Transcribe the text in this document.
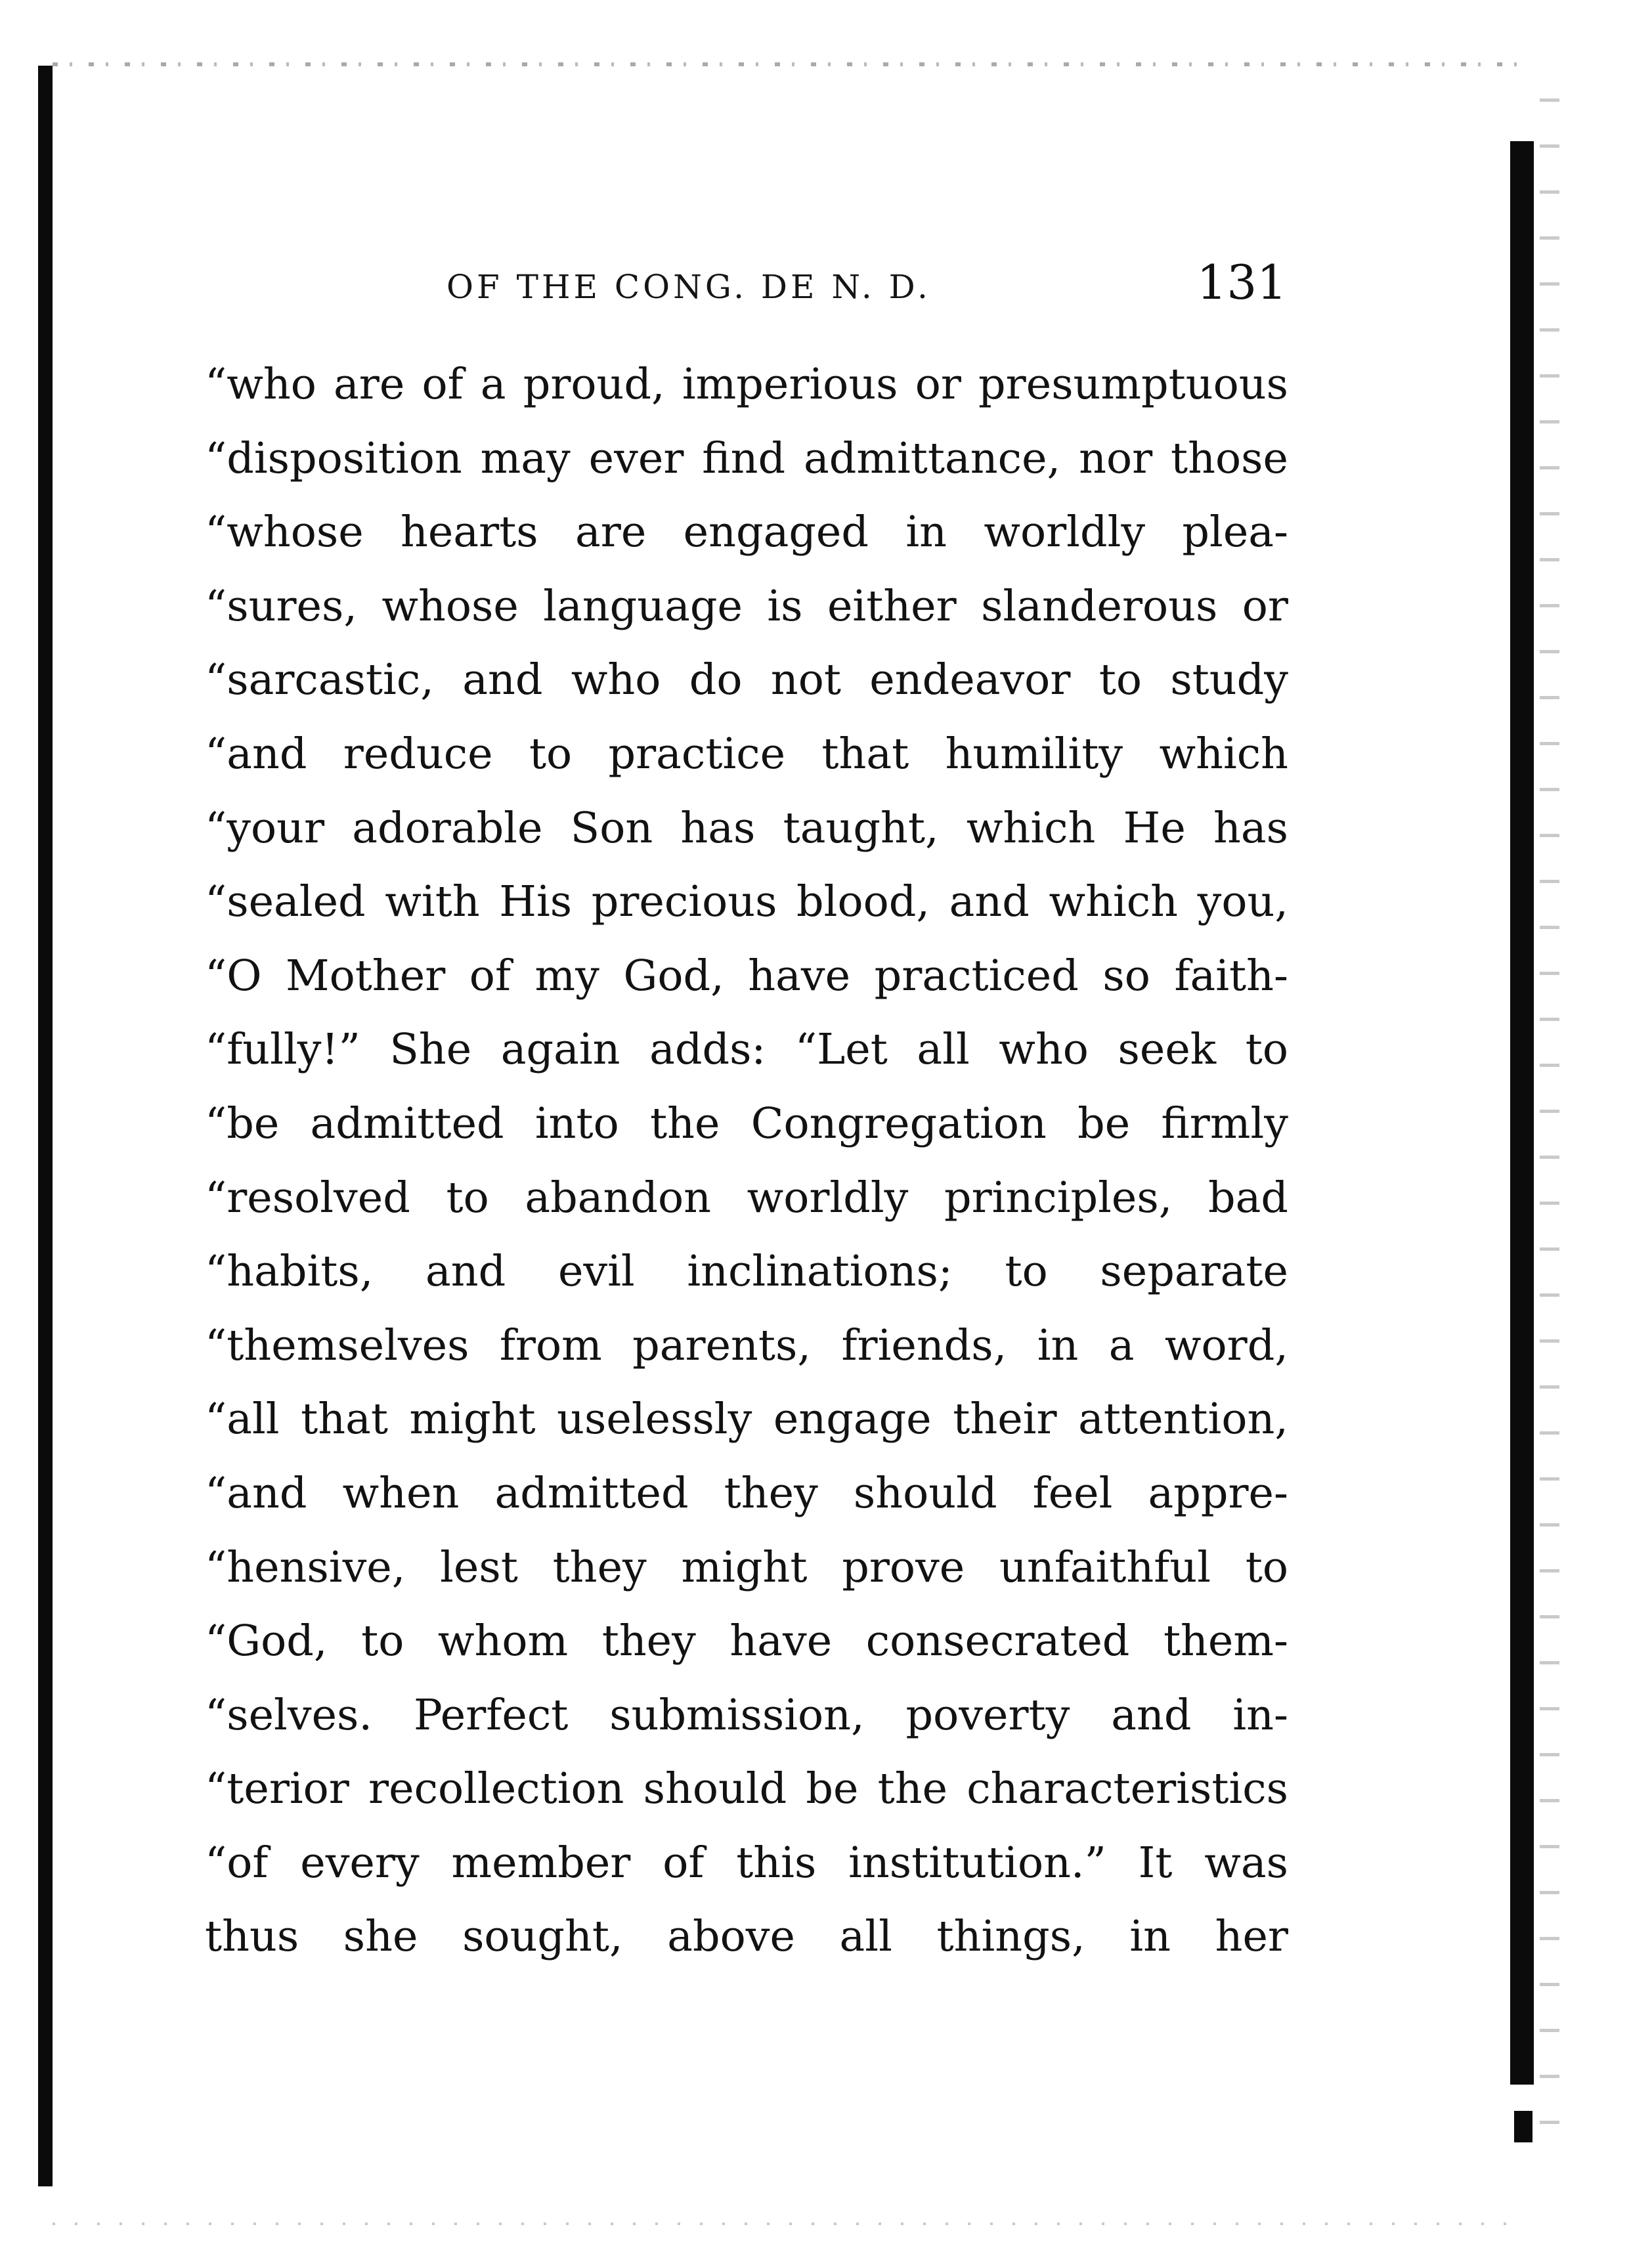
OF THE CONG. DE N. D.	131
“who are of a proud, imperious or presumptuous
“disposition may ever find admittance, nor those
“whose hearts are engaged in worldly plea-
“sures, whose language is either slanderous or
“sarcastic, and who do not endeavor to study
“and reduce to practice that humility which
“your adorable Son has taught, which He has
“sealed with His precious blood, and which you,
“O Mother of my God, have practiced so faith-
“fully!” She again adds: “Let all who seek to
“be admitted into the Congregation be firmly
“resolved to abandon worldly principles, bad
“habits, and evil inclinations; to separate
“themselves from parents, friends, in a word,
“all that might uselessly engage their attention,
“and when admitted they should feel appre-
“hensive, lest they might prove unfaithful to
“God, to whom they have consecrated them-
“selves. Perfect submission, poverty and in-
“terior recollection should be the characteristics
“of every member of this institution.” It was
thus she sought, above all things, in her
